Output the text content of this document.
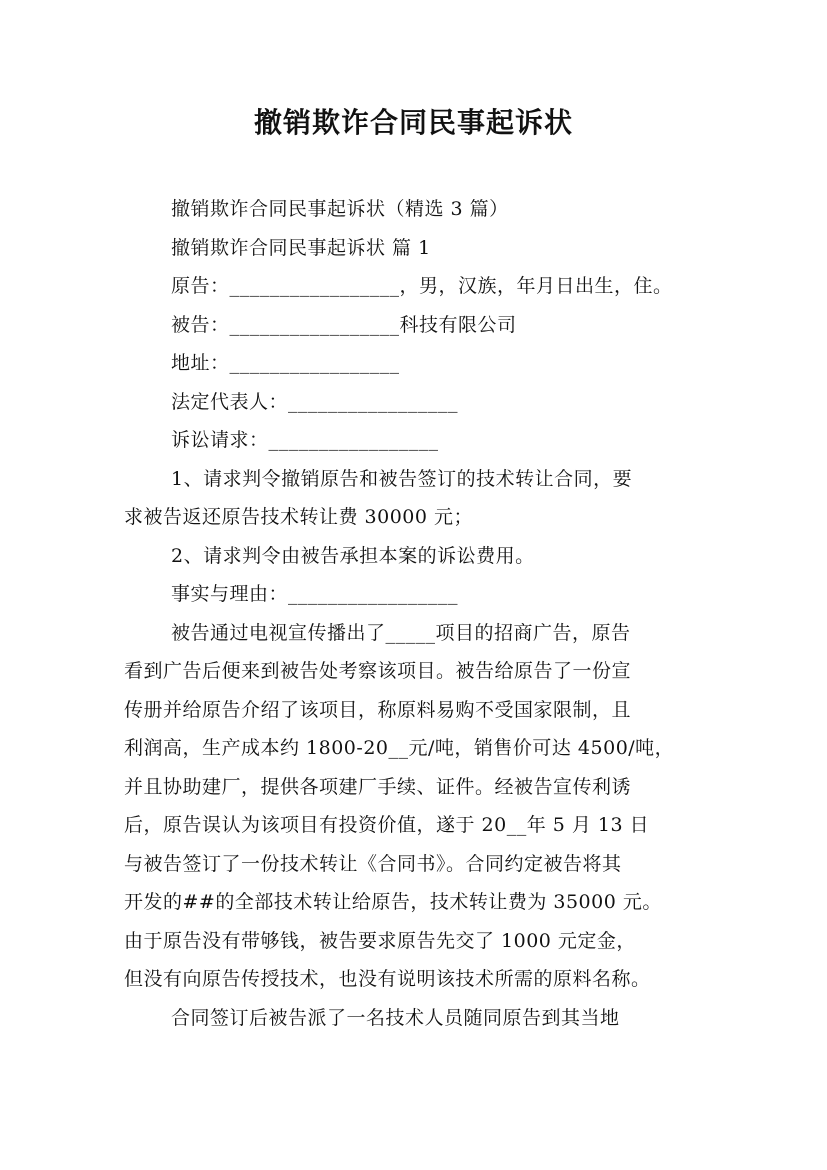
撤销欺诈合同民事起诉状
撤销欺诈合同民事起诉状（精选 3 篇）
撤销欺诈合同民事起诉状 篇 1
原告：_________________，男，汉族，年月日出生，住。
被告：_________________科技有限公司
地址：_________________
法定代表人：_________________
诉讼请求：_________________
1、请求判令撤销原告和被告签订的技术转让合同，要
求被告返还原告技术转让费 30000 元；
2、请求判令由被告承担本案的诉讼费用。
事实与理由：_________________
被告通过电视宣传播出了_____项目的招商广告，原告
看到广告后便来到被告处考察该项目。被告给原告了一份宣
传册并给原告介绍了该项目，称原料易购不受国家限制，且
利润高，生产成本约 1800-20__元/吨，销售价可达 4500/吨，
并且协助建厂，提供各项建厂手续、证件。经被告宣传利诱
后，原告误认为该项目有投资价值，遂于 20__年 5 月 13 日
与被告签订了一份技术转让《合同书》。合同约定被告将其
开发的##的全部技术转让给原告，技术转让费为 35000 元。
由于原告没有带够钱，被告要求原告先交了 1000 元定金，
但没有向原告传授技术，也没有说明该技术所需的原料名称。
合同签订后被告派了一名技术人员随同原告到其当地
